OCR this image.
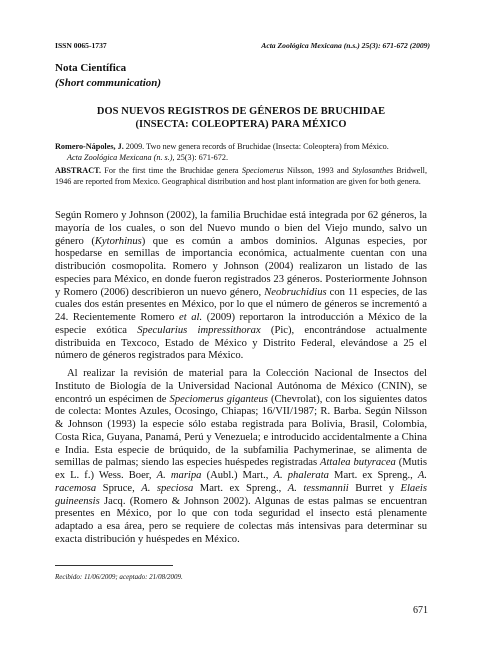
ISSN 0065-1737	Acta Zoológica Mexicana (n.s.) 25(3): 671-672 (2009)
Nota Científica
(Short communication)
DOS NUEVOS REGISTROS DE GÉNEROS DE BRUCHIDAE
(INSECTA: COLEOPTERA) PARA MÉXICO
Romero-Nápoles, J. 2009. Two new genera records of Bruchidae (Insecta: Coleoptera) from México.
Acta Zoológica Mexicana (n. s.), 25(3): 671-672.
ABSTRACT. For the first time the Bruchidae genera Speciomerus Nilsson, 1993 and Stylosanthes Bridwell, 1946 are reported from Mexico. Geographical distribution and host plant information are given for both genera.
Según Romero y Johnson (2002), la familia Bruchidae está integrada por 62 géneros, la mayoría de los cuales, o son del Nuevo mundo o bien del Viejo mundo, salvo un género (Kytorhinus) que es común a ambos dominios. Algunas especies, por hospedarse en semillas de importancia económica, actualmente cuentan con una distribución cosmopolita. Romero y Johnson (2004) realizaron un listado de las especies para México, en donde fueron registrados 23 géneros. Posteriormente Johnson y Romero (2006) describieron un nuevo género, Neobruchidius con 11 especies, de las cuales dos están presentes en México, por lo que el número de géneros se incrementó a 24. Recientemente Romero et al. (2009) reportaron la introducción a México de la especie exótica Specularius impressithorax (Pic), encontrándose actualmente distribuida en Texcoco, Estado de México y Distrito Federal, elevándose a 25 el número de géneros registrados para México.
Al realizar la revisión de material para la Colección Nacional de Insectos del Instituto de Biología de la Universidad Nacional Autónoma de México (CNIN), se encontró un espécimen de Speciomerus giganteus (Chevrolat), con los siguientes datos de colecta: Montes Azules, Ocosingo, Chiapas; 16/VII/1987; R. Barba. Según Nilsson & Johnson (1993) la especie sólo estaba registrada para Bolivia, Brasil, Colombia, Costa Rica, Guyana, Panamá, Perú y Venezuela; e introducido accidentalmente a China e India. Esta especie de brúquido, de la subfamilia Pachymerinae, se alimenta de semillas de palmas; siendo las especies huéspedes registradas Attalea butyracea (Mutis ex L. f.) Wess. Boer, A. maripa (Aubl.) Mart., A. phalerata Mart. ex Spreng., A. racemosa Spruce, A. speciosa Mart. ex Spreng., A. tessmannii Burret y Elaeis guineensis Jacq. (Romero & Johnson 2002). Algunas de estas palmas se encuentran presentes en México, por lo que con toda seguridad el insecto está plenamente adaptado a esa área, pero se requiere de colectas más intensivas para determinar su exacta distribución y huéspedes en México.
Recibido: 11/06/2009; aceptado: 21/08/2009.
671
